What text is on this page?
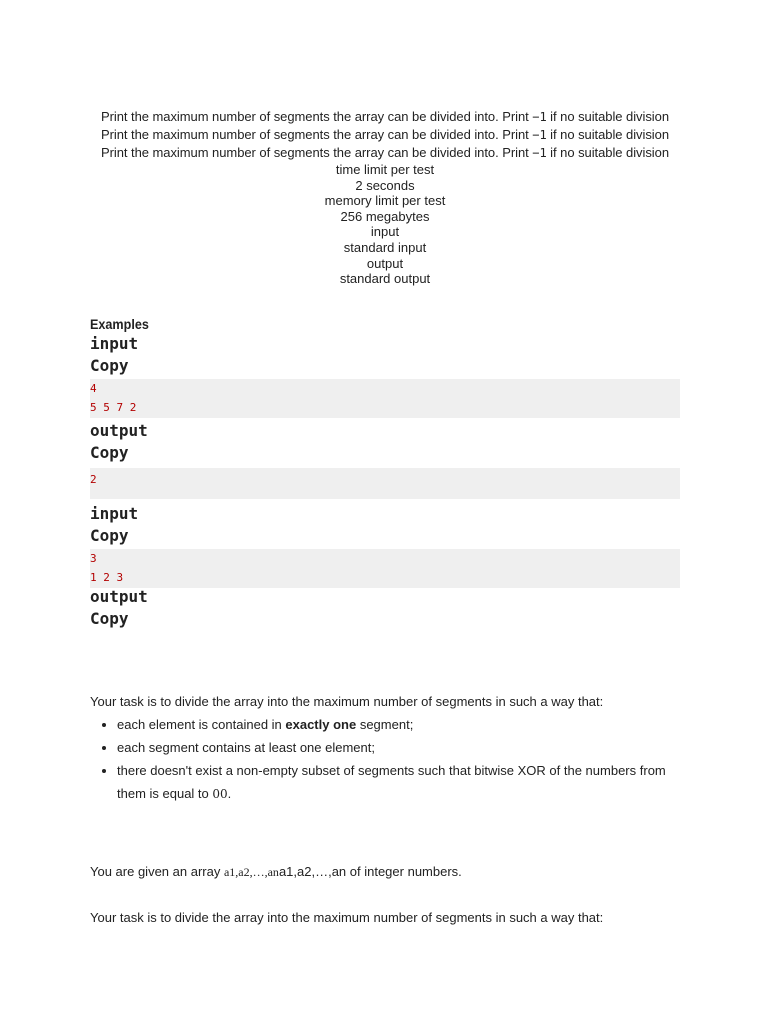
Print the maximum number of segments the array can be divided into. Print −1 if no suitable division
Print the maximum number of segments the array can be divided into. Print −1 if no suitable division
Print the maximum number of segments the array can be divided into. Print −1 if no suitable division
time limit per test
2 seconds
memory limit per test
256 megabytes
input
standard input
output
standard output
Examples
input
Copy
4
5 5 7 2
output
Copy
2
input
Copy
3
1 2 3
output
Copy
Your task is to divide the array into the maximum number of segments in such a way that:
• each element is contained in exactly one segment;
• each segment contains at least one element;
• there doesn't exist a non-empty subset of segments such that bitwise XOR of the numbers from them is equal to 00.
You are given an array a1,a2,…,ana1,a2,…,an of integer numbers.
Your task is to divide the array into the maximum number of segments in such a way that:
